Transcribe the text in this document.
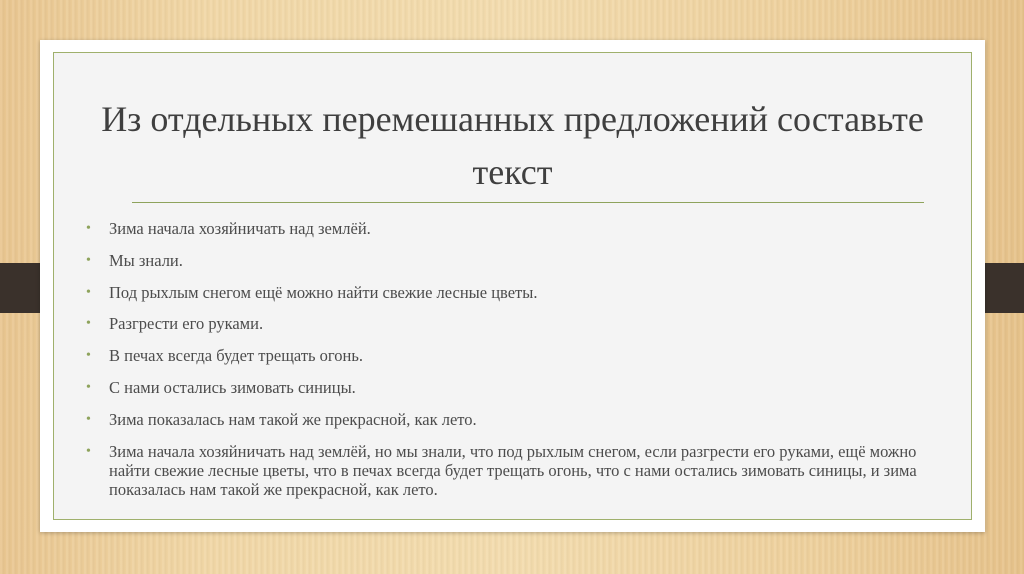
Из отдельных перемешанных предложений составьте текст
• Зима начала хозяйничать над землёй.
• Мы знали.
• Под рыхлым снегом ещё можно найти свежие лесные цветы.
• Разгрести его руками.
• В печах всегда будет трещать огонь.
• С нами остались зимовать синицы.
• Зима показалась нам такой же прекрасной, как лето.
• Зима начала хозяйничать над землёй, но мы знали, что под рыхлым снегом, если разгрести его руками, ещё можно найти свежие лесные цветы, что в печах всегда будет трещать огонь, что с нами остались зимовать синицы, и зима показалась нам такой же прекрасной, как лето.
